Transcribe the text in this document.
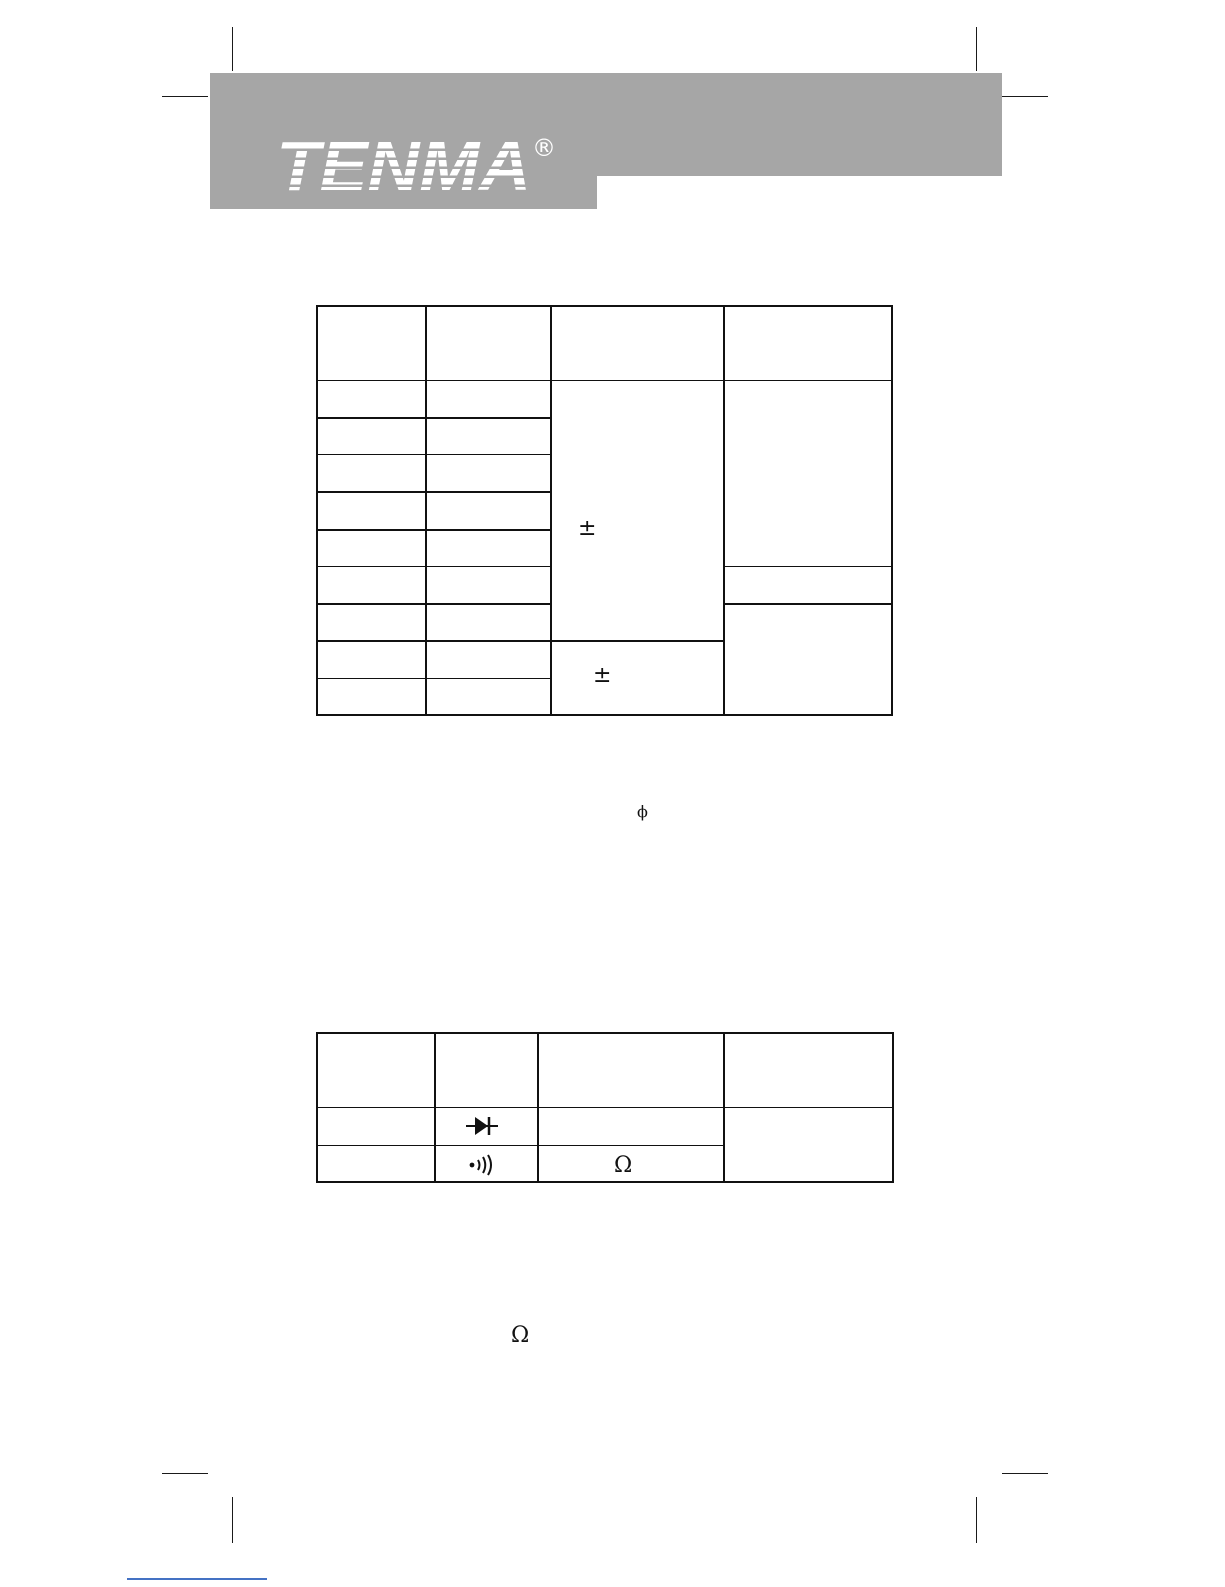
TENMA ®
±
±
ϕ
Ω
Ω
